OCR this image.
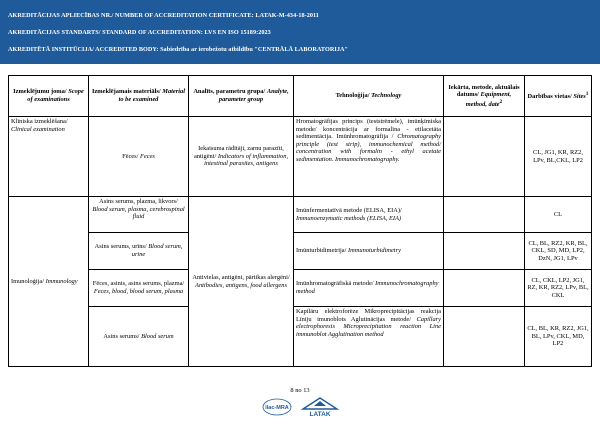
AKREDITĀCIJAS APLIECĪBAS NR./ NUMBER OF ACCREDITATION CERTIFICATE: LATAK-M-434-18-2011
AKREDITĀCIJAS STANDARTS/ STANDARD OF ACCREDITATION: LVS EN ISO 15189:2023
AKREDITĒTĀ INSTITŪCIJA/ ACCREDITED BODY: Sabiedrība ar ierobežotu atbildību "CENTRĀLĀ LABORATORIJA"
Izmeklējumu joma/ Scope of examinations	Izmeklējamais materiāls/ Material to be examined	Analīts, parametru grupa/ Analyte, parameter group	Tehnoloģija/ Technology	Iekārta, metode, aktuālais datums/ Equipment, method, date$^2$	Darbības vietas/ Sites$^1$
Klīniska izmeklēšana/ Clinical examination	Fēces/ Feces	Iekaisuma rādītāji, zarnu parazīti, antigēni/ Indicators of inflammation, intestinal parasites, antigens	Hromatogrāfijas princips (teststrēmele), imūnķīmiska metode/ koncentrācija ar formalīna - etilacetāta sedimentācija. Imūnhromatogrāfija / Chromatography principle (test strip), immunochemical method/ concentration with formalin - ethyl acetate sedimentation. Immunochromatography.		CL, JG1, KR, RZ2, LPv, BL,CKL, LP2
Imunoloģija/ Immunology	Asins serums, plazma, likvors/ Blood serum, plasma, cerebrospinal fluid	Antivielas, antigēni, pārtikas alergēni/ Antibodies, antigens, food allergens	Imūnfermentatīvā metode (ELISA, EIA)/ Immunoenzymatic methods (ELISA, EIA)		CL
	Asins serums, urīns/ Blood serum, urine		Imūnturbidimetrija/ Immunoturbidimetry		CL, BL, RZ2, KR, BL, CKL, SD, MD, LP2, DzN, JG1, LPv
	Fēces, asinis, asins serums, plazma/ Feces, blood, blood serum, plasma		Imūnhromatogrāfiskā metode/ Immunochromatography method		CL, CKL, LP2, JG1, RZ, KR, RZ2, LPv, BL, CKL
	Asins serums/ Blood serum		Kapilāru elektroforēze Mikroprecipitācijas reakcija Līniju imunoblots Aglutinācijas metode/ Capillary electrophoresis Microprecipitation reaction Line immunoblot Agglutination method		CL, BL, KR, RZ2, JG1, BL, LPv, CKL, MD, LP2
8 no 13
ilac-MRA
LATAK
